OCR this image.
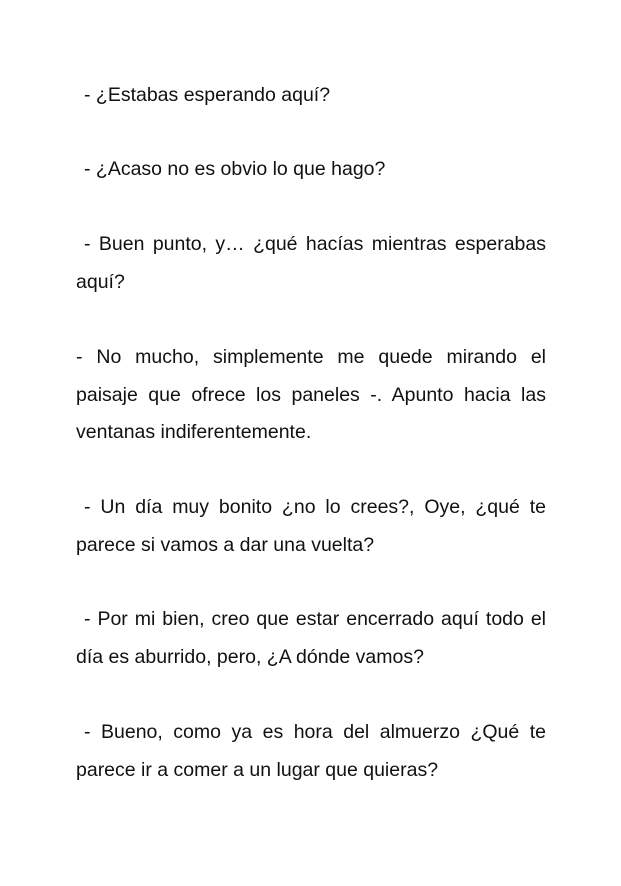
- ¿Estabas esperando aquí?

- ¿Acaso no es obvio lo que hago?

- Buen punto, y… ¿qué hacías mientras esperabas aquí?

- No mucho, simplemente me quede mirando el paisaje que ofrece los paneles -. Apunto hacia las ventanas indiferentemente.

- Un día muy bonito ¿no lo crees?, Oye, ¿qué te parece si vamos a dar una vuelta?

- Por mi bien, creo que estar encerrado aquí todo el día es aburrido, pero, ¿A dónde vamos?

- Bueno, como ya es hora del almuerzo ¿Qué te parece ir a comer a un lugar que quieras?
